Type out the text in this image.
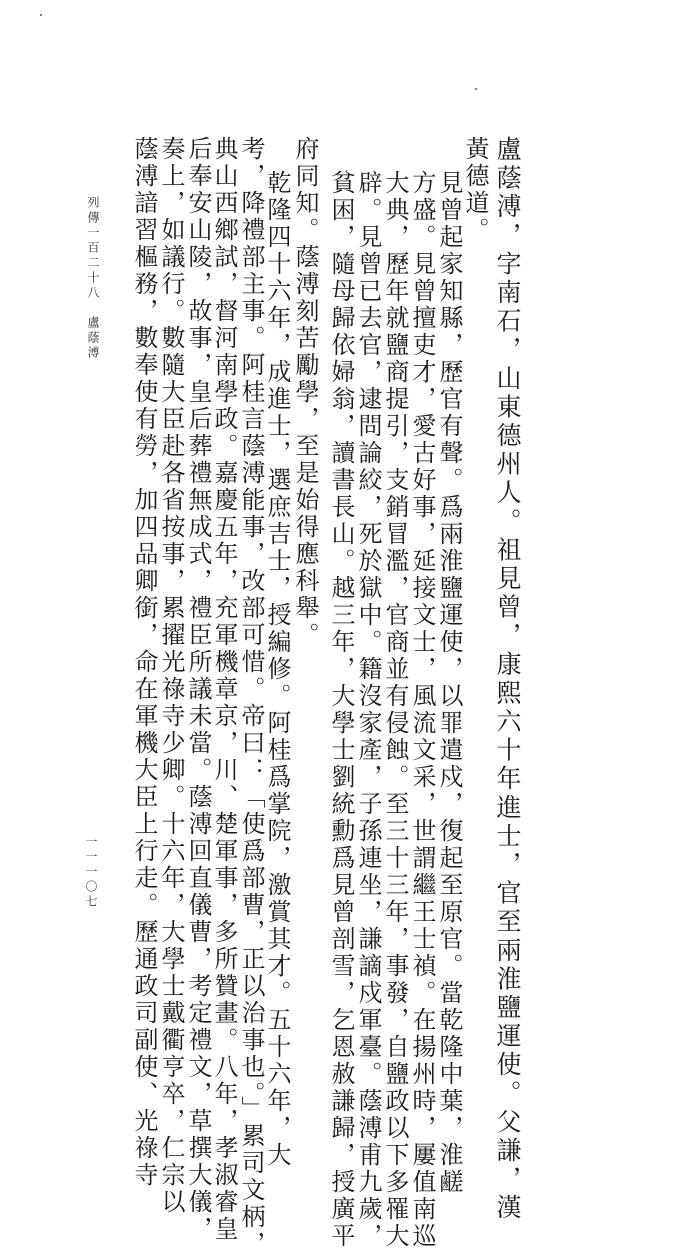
盧蔭溥，字南石，山東德州人。祖見曾，康熙六十年進士，官至兩淮鹽運使。父謙，漢
黃德道。
見曾起家知縣，歷官有聲。爲兩淮鹽運使，以罪遣戍，復起至原官。當乾隆中葉，淮鹺
方盛。見曾擅吏才，愛古好事，延接文士，風流文采，世謂繼王士禎。在揚州時，屢值南巡
大典，歷年就鹽商提引，支銷冒濫，官商並有侵蝕。至三十三年，事發，自鹽政以下多罹大
辟。見曾已去官，逮問論絞，死於獄中。籍沒家產，子孫連坐，謙謫戍軍臺。蔭溥甫九歲，
貧困，隨母歸依婦翁，讀書長山。越三年，大學士劉統勳爲見曾剖雪，乞恩赦謙歸，授廣平
府同知。蔭溥刻苦勵學，至是始得應科舉。
乾隆四十六年，成進士，選庶吉士，授編修。阿桂爲掌院，激賞其才。五十六年，大
考，降禮部主事。阿桂言蔭溥能事，改部可惜。帝曰：「使爲部曹，正以治事也。」累司文柄，
典山西鄉試，督河南學政。嘉慶五年，充軍機章京，川、楚軍事，多所贊畫。八年，孝淑睿皇
后奉安山陵，故事，皇后葬禮無成式，禮臣所議未當。蔭溥回直儀曹，考定禮文，草撰大儀，
奏上，如議行。數隨大臣赴各省按事，累擢光祿寺少卿。十六年，大學士戴衢亨卒，仁宗以
蔭溥諳習樞務，數奉使有勞，加四品卿銜，命在軍機大臣上行走。歷通政司副使、光祿寺
列傳一百二十八　盧蔭溥
一一一〇七
